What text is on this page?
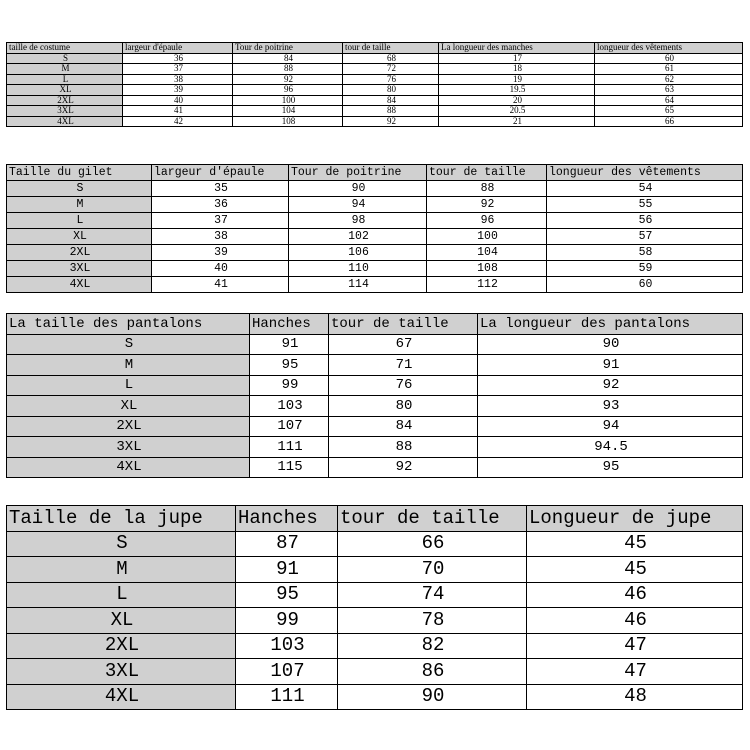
taille de costume	largeur d'épaule	Tour de poitrine	tour de taille	La longueur des manches	longueur des vêtements
S	36	84	68	17	60
M	37	88	72	18	61
L	38	92	76	19	62
XL	39	96	80	19.5	63
2XL	40	100	84	20	64
3XL	41	104	88	20.5	65
4XL	42	108	92	21	66
Taille du gilet	largeur d'épaule	Tour de poitrine	tour de taille	longueur des vêtements
S	35	90	88	54
M	36	94	92	55
L	37	98	96	56
XL	38	102	100	57
2XL	39	106	104	58
3XL	40	110	108	59
4XL	41	114	112	60
La taille des pantalons	Hanches	tour de taille	La longueur des pantalons
S	91	67	90
M	95	71	91
L	99	76	92
XL	103	80	93
2XL	107	84	94
3XL	111	88	94.5
4XL	115	92	95
Taille de la jupe	Hanches	tour de taille	Longueur de jupe
S	87	66	45
M	91	70	45
L	95	74	46
XL	99	78	46
2XL	103	82	47
3XL	107	86	47
4XL	111	90	48
